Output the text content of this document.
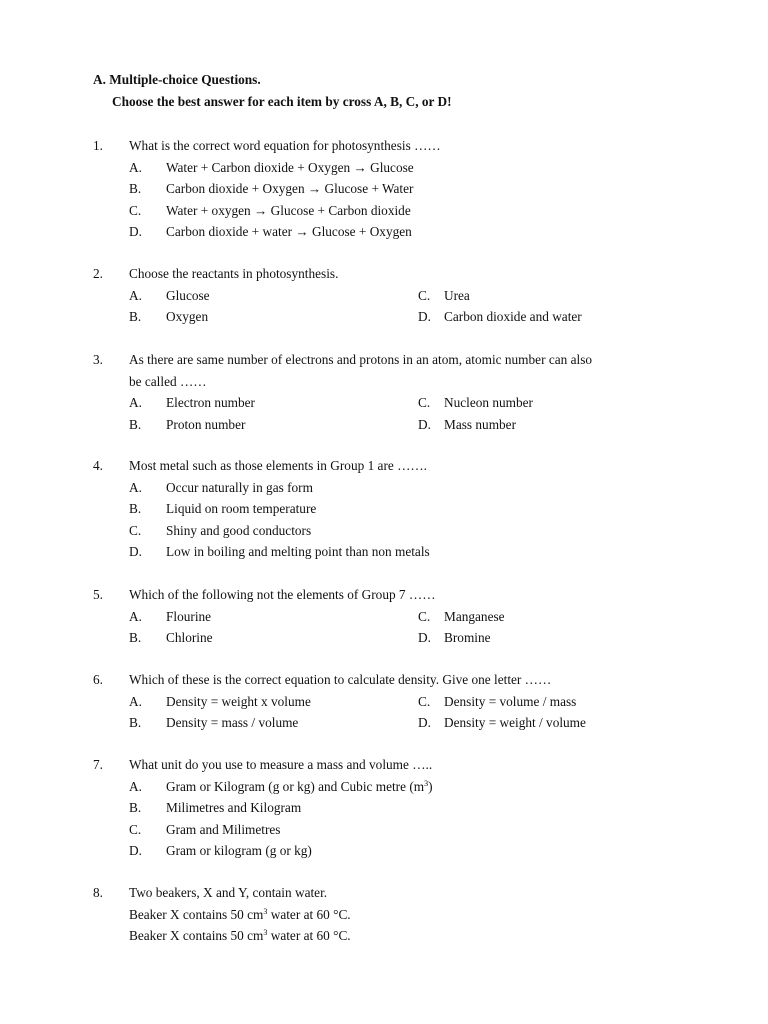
A. Multiple-choice Questions.

Choose the best answer for each item by cross A, B, C, or D!

1. What is the correct word equation for photosynthesis ……
A. Water + Carbon dioxide + Oxygen → Glucose
B. Carbon dioxide + Oxygen → Glucose + Water
C. Water + oxygen → Glucose + Carbon dioxide
D. Carbon dioxide + water → Glucose + Oxygen
2. Choose the reactants in photosynthesis.
A. Glucose	C. Urea
B. Oxygen	D. Carbon dioxide and water
3. As there are same number of electrons and protons in an atom, atomic number can also
be called ……
A. Electron number	C. Nucleon number
B. Proton number	D. Mass number
4. Most metal such as those elements in Group 1 are …….
A. Occur naturally in gas form
B. Liquid on room temperature
C. Shiny and good conductors
D. Low in boiling and melting point than non metals
5. Which of the following not the elements of Group 7 ……
A. Flourine	C. Manganese
B. Chlorine	D. Bromine
6. Which of these is the correct equation to calculate density. Give one letter ……
A. Density = weight x volume	C. Density = volume / mass
B. Density = mass / volume	D. Density = weight / volume
7. What unit do you use to measure a mass and volume …..
A. Gram or Kilogram (g or kg) and Cubic metre $(m^3)$
B. Milimetres and Kilogram
C. Gram and Milimetres
D. Gram or kilogram (g or kg)
8. Two beakers, X and Y, contain water.
Beaker X contains 50 $cm^3$ water at 60 °C.
Beaker X contains 50 $cm^3$ water at 60 °C.
